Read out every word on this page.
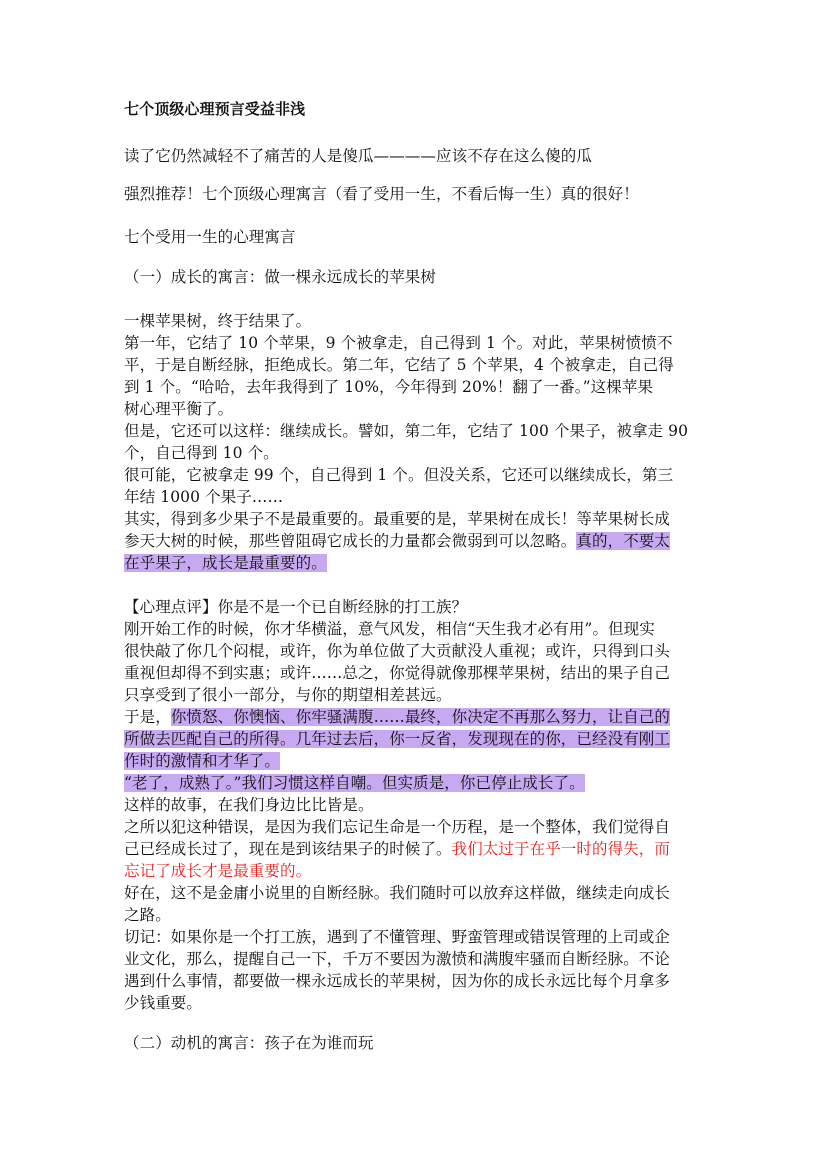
七个顶级心理预言受益非浅
读了它仍然减轻不了痛苦的人是傻瓜————应该不存在这么傻的瓜
强烈推荐！七个顶级心理寓言（看了受用一生，不看后悔一生）真的很好！
七个受用一生的心理寓言
（一）成长的寓言：做一棵永远成长的苹果树
一棵苹果树，终于结果了。
第一年，它结了 10 个苹果，9 个被拿走，自己得到 1 个。对此，苹果树愤愤不
平，于是自断经脉，拒绝成长。第二年，它结了 5 个苹果，4 个被拿走，自己得
到 1 个。“哈哈，去年我得到了 10%，今年得到 20%！翻了一番。”这棵苹果
树心理平衡了。
但是，它还可以这样：继续成长。譬如，第二年，它结了 100 个果子，被拿走 90
个，自己得到 10 个。
很可能，它被拿走 99 个，自己得到 1 个。但没关系，它还可以继续成长，第三
年结 1000 个果子……
其实，得到多少果子不是最重要的。最重要的是，苹果树在成长！等苹果树长成
参天大树的时候，那些曾阻碍它成长的力量都会微弱到可以忽略。真的，不要太
在乎果子，成长是最重要的。
【心理点评】你是不是一个已自断经脉的打工族？
刚开始工作的时候，你才华横溢，意气风发，相信“天生我才必有用”。但现实
很快敲了你几个闷棍，或许，你为单位做了大贡献没人重视；或许，只得到口头
重视但却得不到实惠；或许……总之，你觉得就像那棵苹果树，结出的果子自己
只享受到了很小一部分，与你的期望相差甚远。
于是，你愤怒、你懊恼、你牢骚满腹……最终，你决定不再那么努力，让自己的
所做去匹配自己的所得。几年过去后，你一反省，发现现在的你，已经没有刚工
作时的激情和才华了。
“老了，成熟了。”我们习惯这样自嘲。但实质是，你已停止成长了。
这样的故事，在我们身边比比皆是。
之所以犯这种错误，是因为我们忘记生命是一个历程，是一个整体，我们觉得自
己已经成长过了，现在是到该结果子的时候了。我们太过于在乎一时的得失，而
忘记了成长才是最重要的。
好在，这不是金庸小说里的自断经脉。我们随时可以放弃这样做，继续走向成长
之路。
切记：如果你是一个打工族，遇到了不懂管理、野蛮管理或错误管理的上司或企
业文化，那么，提醒自己一下，千万不要因为激愤和满腹牢骚而自断经脉。不论
遇到什么事情，都要做一棵永远成长的苹果树，因为你的成长永远比每个月拿多
少钱重要。
（二）动机的寓言：孩子在为谁而玩
